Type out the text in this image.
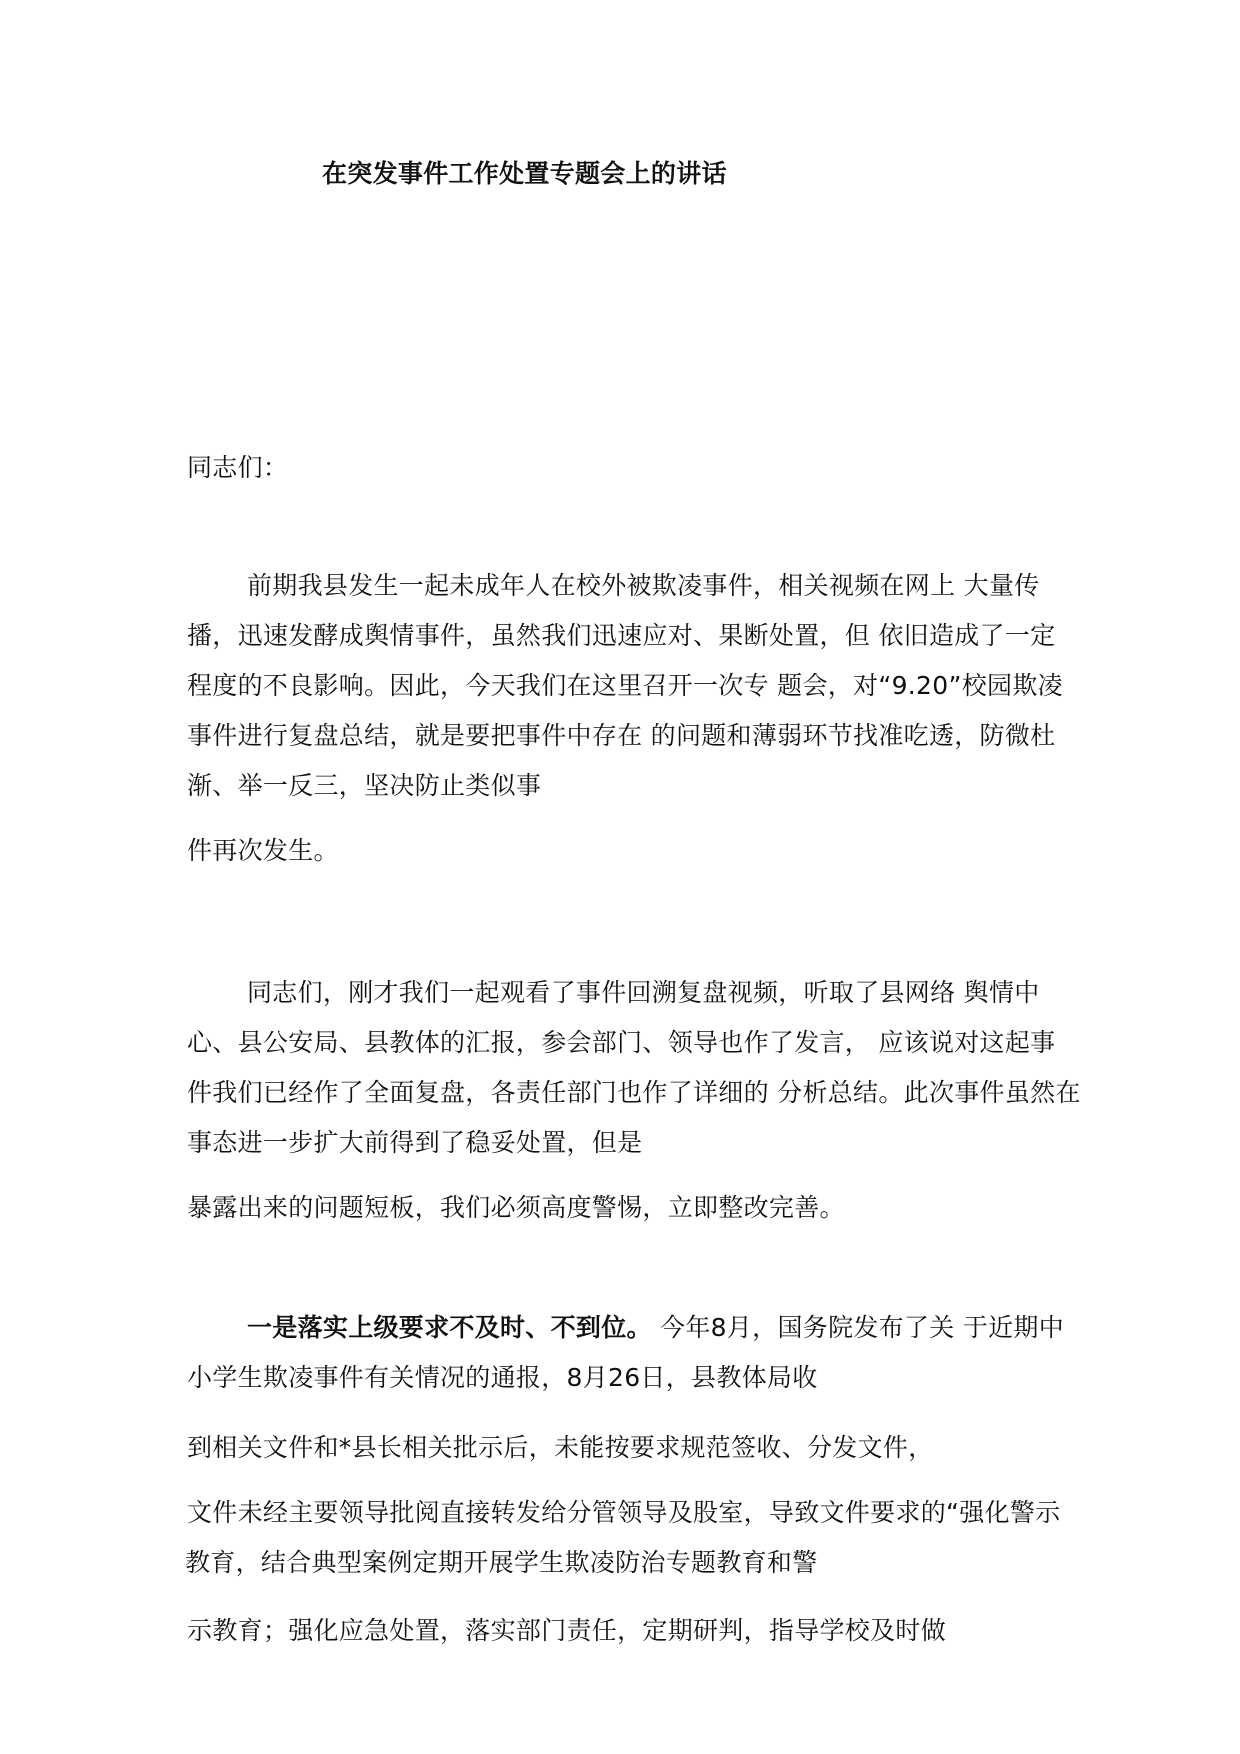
在突发事件工作处置专题会上的讲话
同志们：
前期我县发生一起未成年人在校外被欺凌事件，相关视频在网上 大量传
播，迅速发酵成舆情事件，虽然我们迅速应对、果断处置，但 依旧造成了一定
程度的不良影响。因此，今天我们在这里召开一次专 题会，对“9.20”校园欺凌
事件进行复盘总结，就是要把事件中存在 的问题和薄弱环节找准吃透，防微杜
渐、举一反三，坚决防止类似事
件再次发生。
同志们，刚才我们一起观看了事件回溯复盘视频，听取了县网络 舆情中
心、县公安局、县教体的汇报，参会部门、领导也作了发言， 应该说对这起事
件我们已经作了全面复盘，各责任部门也作了详细的 分析总结。此次事件虽然在
事态进一步扩大前得到了稳妥处置，但是
暴露出来的问题短板，我们必须高度警惕，立即整改完善。
一是落实上级要求不及时、不到位。 今年8月，国务院发布了关 于近期中
小学生欺凌事件有关情况的通报，8月26日，县教体局收
到相关文件和*县长相关批示后，未能按要求规范签收、分发文件，
文件未经主要领导批阅直接转发给分管领导及股室，导致文件要求的“强化警示
教育，结合典型案例定期开展学生欺凌防治专题教育和警
示教育；强化应急处置，落实部门责任，定期研判，指导学校及时做
